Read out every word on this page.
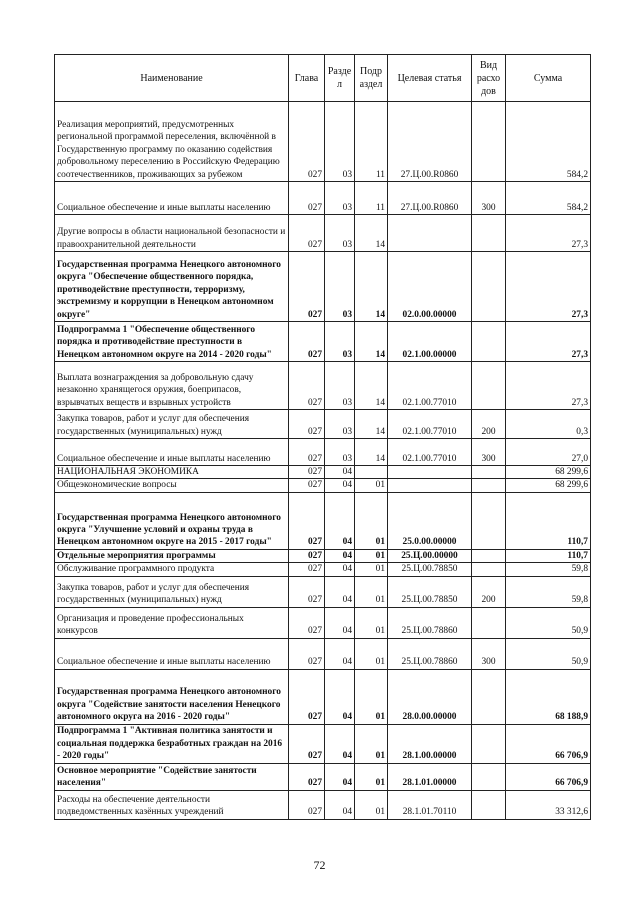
Наименование	Глава	Разде л	Подр аздел	Целевая статья	Вид расхо дов	Сумма
Реализация мероприятий, предусмотренных региональной программой переселения, включённой в Государственную программу по оказанию содействия добровольному переселению в Российскую Федерацию соотечественников, проживающих за рубежом	027	03	11	27.Ц.00.R0860		584,2
Социальное обеспечение и иные выплаты населению	027	03	11	27.Ц.00.R0860	300	584,2
Другие вопросы в области национальной безопасности и правоохранительной деятельности	027	03	14			27,3
Государственная программа Ненецкого автономного округа "Обеспечение общественного порядка, противодействие преступности, терроризму, экстремизму и коррупции в Ненецком автономном округе"	027	03	14	02.0.00.00000		27,3
Подпрограмма 1 "Обеспечение общественного порядка и противодействие преступности в Ненецком автономном округе на 2014 - 2020 годы"	027	03	14	02.1.00.00000		27,3
Выплата вознаграждения за добровольную сдачу незаконно хранящегося оружия, боеприпасов, взрывчатых веществ и взрывных устройств	027	03	14	02.1.00.77010		27,3
Закупка товаров, работ и услуг для обеспечения государственных (муниципальных) нужд	027	03	14	02.1.00.77010	200	0,3
Социальное обеспечение и иные выплаты населению	027	03	14	02.1.00.77010	300	27,0
НАЦИОНАЛЬНАЯ ЭКОНОМИКА	027	04				68 299,6
Общеэкономические вопросы	027	04	01			68 299,6
Государственная программа Ненецкого автономного округа "Улучшение условий и охраны труда в Ненецком автономном округе на 2015 - 2017 годы"	027	04	01	25.0.00.00000		110,7
Отдельные мероприятия программы	027	04	01	25.Ц.00.00000		110,7
Обслуживание программного продукта	027	04	01	25.Ц.00.78850		59,8
Закупка товаров, работ и услуг для обеспечения государственных (муниципальных) нужд	027	04	01	25.Ц.00.78850	200	59,8
Организация и проведение профессиональных конкурсов	027	04	01	25.Ц.00.78860		50,9
Социальное обеспечение и иные выплаты населению	027	04	01	25.Ц.00.78860	300	50,9
Государственная программа Ненецкого автономного округа "Содействие занятости населения Ненецкого автономного округа на 2016 - 2020 годы"	027	04	01	28.0.00.00000		68 188,9
Подпрограмма 1 "Активная политика занятости и социальная поддержка безработных граждан на 2016 - 2020 годы"	027	04	01	28.1.00.00000		66 706,9
Основное мероприятие "Содействие занятости населения"	027	04	01	28.1.01.00000		66 706,9
Расходы на обеспечение деятельности подведомственных казённых учреждений	027	04	01	28.1.01.70110		33 312,6
72
